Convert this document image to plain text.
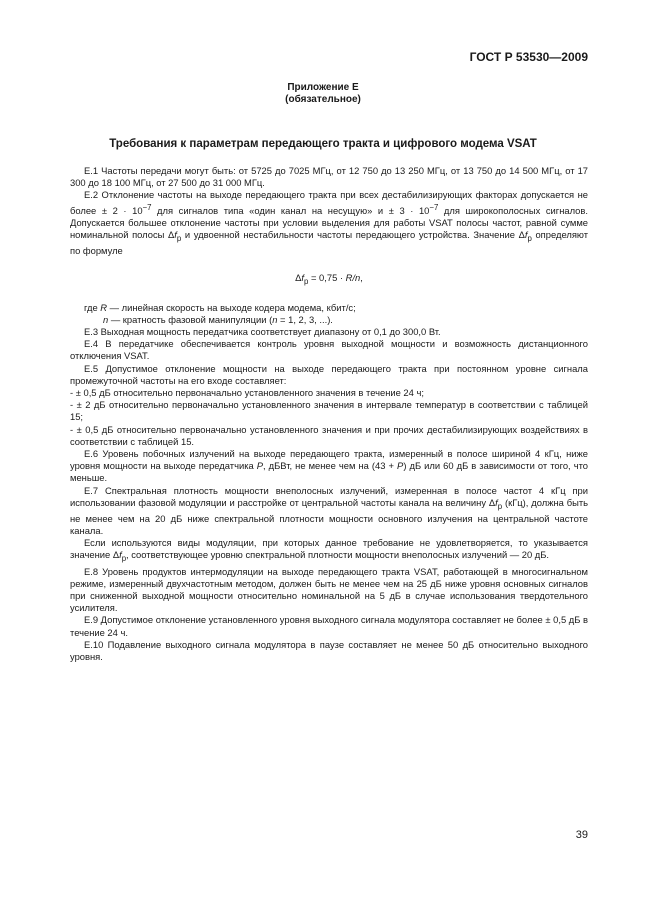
ГОСТ Р 53530—2009
Приложение Е
(обязательное)
Требования к параметрам передающего тракта и цифрового модема VSAT

Е.1 Частоты передачи могут быть: от 5725 до 7025 МГц, от 12 750 до 13 250 МГц, от 13 750 до 14 500 МГц, от 17 300 до 18 100 МГц, от 27 500 до 31 000 МГц.

Е.2 Отклонение частоты на выходе передающего тракта при всех дестабилизирующих факторах допускается не более ± $2 \cdot 10^{-7}$ для сигналов типа «один канал на несущую» $и \pm 3 \cdot 10^{-7}$ для широкополосных сигналов. Допускается большее отклонение частоты при условии выделения для работы VSAT полосы частот, равной сумме номинальной полосы $\Delta f_p$ и удвоенной нестабильности частоты передающего устройства. Значение $\Delta f_p$ определяют по формуле

$\Delta f_p = 0,75 \cdot R/n$,

где R — линейная скорость на выходе кодера модема, кбит/с;

n — кратность фазовой манипуляции (n = 1, 2, 3, ...).

Е.3 Выходная мощность передатчика соответствует диапазону от 0,1 до 300,0 Вт.

Е.4 В передатчике обеспечивается контроль уровня выходной мощности и возможность дистанционного отключения VSAT.

Е.5 Допустимое отклонение мощности на выходе передающего тракта при постоянном уровне сигнала промежуточной частоты на его входе составляет:

- ± 0,5 дБ относительно первоначально установленного значения в течение 24 ч;

- ± 2 дБ относительно первоначально установленного значения в интервале температур в соответствии с таблицей 15;

- ± 0,5 дБ относительно первоначально установленного значения и при прочих дестабилизирующих воздействиях в соответствии с таблицей 15.

Е.6 Уровень побочных излучений на выходе передающего тракта, измеренный в полосе шириной 4 кГц, ниже уровня мощности на выходе передатчика P, дБВт, не менее чем на (43 + P) дБ или 60 дБ в зависимости от того, что меньше.

Е.7 Спектральная плотность мощности внеполосных излучений, измеренная в полосе частот 4 кГц при использовании фазовой модуляции и расстройке от центральной частоты канала на величину $\Delta f_p$ (кГц), должна быть не менее чем на 20 дБ ниже спектральной плотности мощности основного излучения на центральной частоте канала.

Если используются виды модуляции, при которых данное требование не удовлетворяется, то указывается значение $\Delta f_p$, соответствующее уровню спектральной плотности мощности внеполосных излучений — 20 дБ.

Е.8 Уровень продуктов интермодуляции на выходе передающего тракта VSAT, работающей в многосигнальном режиме, измеренный двухчастотным методом, должен быть не менее чем на 25 дБ ниже уровня основных сигналов при сниженной выходной мощности относительно номинальной на 5 дБ в случае использования твердотельного усилителя.

Е.9 Допустимое отклонение установленного уровня выходного сигнала модулятора составляет не более ± 0,5 дБ в течение 24 ч.

Е.10 Подавление выходного сигнала модулятора в паузе составляет не менее 50 дБ относительно выходного уровня.

39
